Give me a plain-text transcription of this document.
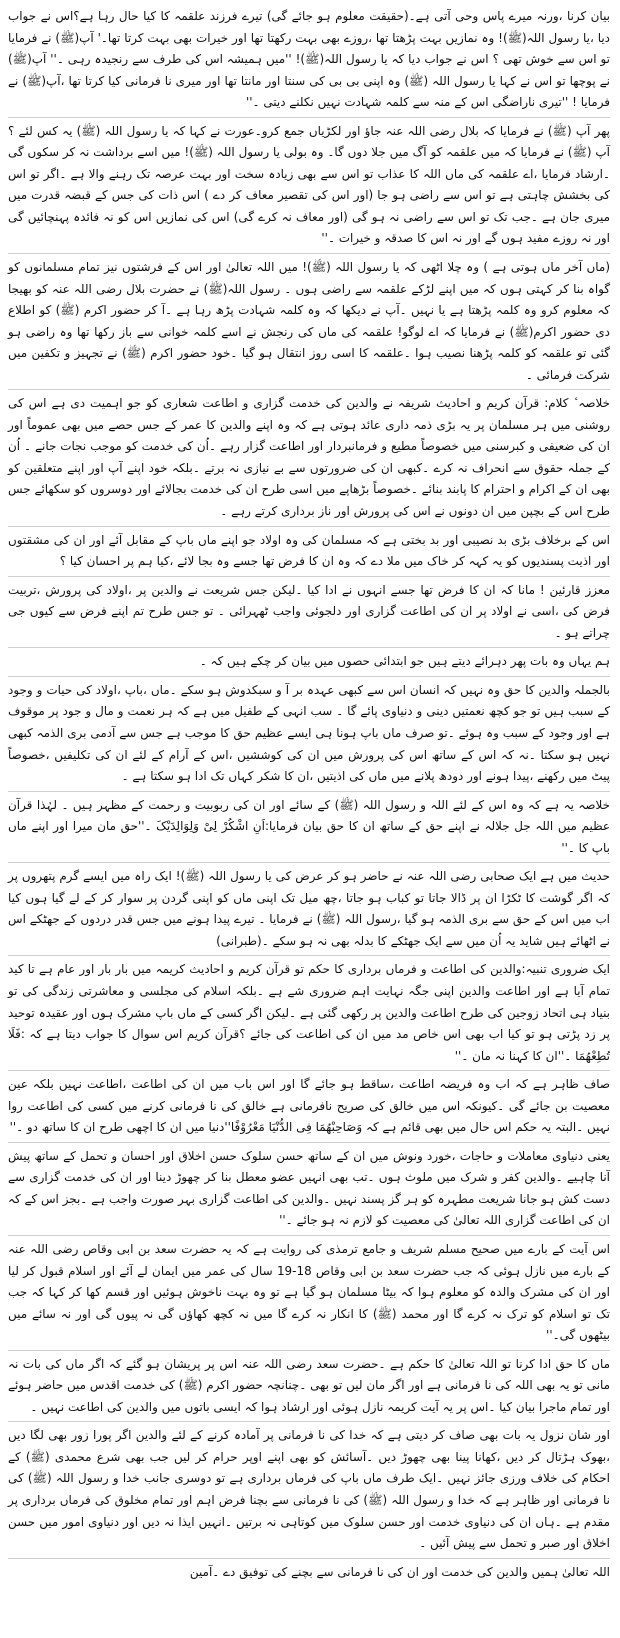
بیان کرنا ،ورنہ میرے پاس وحی آتی ہے۔(حقیقت معلوم ہو جائے گی) تیرے فرزند علقمہ کا کیا حال رہا ہے؟اس نے جواب دیا ،یا رسول اللہ(ﷺ)! وہ نمازیں بہت پڑھتا تھا ،روزے بھی بہت رکھتا تھا اور خیرات بھی بہت کرتا تھا۔' آپ(ﷺ) نے فرمایا تو اس سے خوش تھی ؟ اس نے جواب دیا کہ یا رسول اللہ(ﷺ)! ''میں ہمیشہ اس کی طرف سے رنجیدہ رہی ۔'' آپ(ﷺ) نے پوچھا تو اس نے کہا یا رسول اللہ (ﷺ) وہ اپنی بی بی کی سنتا اور مانتا تھا اور میری نا فرمانی کیا کرتا تھا ،آپ(ﷺ) نے فرمایا ! ''تیری ناراضگی اس کے منہ سے کلمہ شہادت نہیں نکلنے دیتی ۔''

پھر آپ (ﷺ) نے فرمایا کہ بلال رضی اللہ عنہ جاؤ اور لکڑیاں جمع کرو۔عورت نے کہا کہ یا رسول اللہ (ﷺ) یہ کس لئے ؟آپ (ﷺ) نے فرمایا کہ میں علقمہ کو آگ میں جلا دوں گا۔ وہ بولی یا رسول اللہ (ﷺ)! میں اسے برداشت نہ کر سکوں گی ۔ارشاد فرمایا ،اے علقمہ کی ماں اللہ کا عذاب تو اس سے بھی زیادہ سخت اور بہت عرصہ تک رہنے والا ہے ۔اگر تو اس کی بخشش چاہتی ہے تو اس سے راضی ہو جا (اور اس کی تقصیر معاف کر دے ) اس ذات کی جس کے قبضہ قدرت میں میری جان ہے ۔جب تک تو اس سے راضی نہ ہو گی (اور معاف نہ کرے گی) اس کی نمازیں اس کو نہ فائدہ پہنچائیں گی اور نہ روزے مفید ہوں گے اور نہ اس کا صدقہ و خیرات ۔''

(ماں آخر ماں ہوتی ہے ) وہ چلا اٹھی کہ یا رسول اللہ (ﷺ)! میں اللہ تعالیٰ اور اس کے فرشتوں نیز تمام مسلمانوں کو گواہ بنا کر کہتی ہوں کہ میں اپنے لڑکے علقمہ سے راضی ہوں ۔ رسول اللہ(ﷺ) نے حضرت بلال رضی اللہ عنہ کو بھیجا کہ معلوم کرو وہ کلمہ پڑھتا ہے یا نہیں ۔آپ نے دیکھا کہ وہ کلمہ شہادت پڑھ رہا ہے ۔آ کر حضور اکرم (ﷺ) کو اطلاع دی حضور اکرم(ﷺ) نے فرمایا کہ اے لوگو! علقمہ کی ماں کی رنجش نے اسے کلمہ خوانی سے باز رکھا تھا وہ راضی ہو گئی تو علقمہ کو کلمہ پڑھنا نصیب ہوا ۔علقمہ کا اسی روز انتقال ہو گیا ۔خود حضور اکرم (ﷺ) نے تجہیز و تکفین میں شرکت فرمائی ۔

خلاصہ ٔ کلام: قرآن کریم و احادیث شریفہ نے والدین کی خدمت گزاری و اطاعت شعاری کو جو اہمیت دی ہے اس کی روشنی میں ہر مسلمان پر یہ بڑی ذمہ داری عائد ہوتی ہے کہ وہ اپنے والدین کا عمر کے جس حصے میں بھی عموماً اور ان کی ضعیفی و کبرسنی میں خصوصاً مطیع و فرمانبردار اور اطاعت گزار رہے ۔اُن کی خدمت کو موجب نجات جانے ۔ اُن کے جملہ حقوق سے انحراف نہ کرے ۔کبھی ان کی ضرورتوں سے بے نیازی نہ برتے ۔بلکہ خود اپنے آپ اور اپنے متعلقین کو بھی ان کے اکرام و احترام کا پابند بنائے ۔خصوصاً بڑھاپے میں اسی طرح ان کی خدمت بجالائے اور دوسروں کو سکھائے جس طرح اس کے بچپن میں ان دونوں نے اس کی پرورش اور ناز برداری کرتے رہے ۔

اس کے برخلاف بڑی بد نصیبی اور بد بختی ہے کہ مسلمان کی وہ اولاد جو اپنے ماں باپ کے مقابل آئے اور ان کی مشقتوں اور اذیت پسندیوں کو یہ کہہ کر خاک میں ملا دے کہ وہ ان کا فرض تھا جسے وہ بجا لائے ،کیا ہم پر احسان کیا ؟

معزز قارئین ! مانا کہ ان کا فرض تھا جسے انہوں نے ادا کیا ۔لیکن جس شریعت نے والدین پر ،اولاد کی پرورش ،تربیت فرض کی ،اسی نے اولاد پر ان کی اطاعت گزاری اور دلجوئی واجب ٹھہرائی ۔ تو جس طرح تم اپنے فرض سے کیوں جی چراتے ہو ۔

ہم یہاں وہ بات پھر دہرائے دیتے ہیں جو ابتدائی حصوں میں بیان کر چکے ہیں کہ ۔

بالجملہ والدین کا حق وہ نہیں کہ انسان اس سے کبھی عہدہ بر آ و سبکدوش ہو سکے ۔ماں ،باپ ،اولاد کی حیات و وجود کے سبب ہیں تو جو کچھ نعمتیں دینی و دنیاوی پائے گا ۔ سب انہی کے طفیل میں ہے کہ ہر نعمت و مال و جود پر موقوف ہے اور وجود کے سبب وہ ہوئے ۔تو صرف ماں باپ ہونا ہی ایسے عظیم حق کا موجب ہے جس سے آدمی بری الذمہ کبھی نہیں ہو سکتا ۔نہ کہ اس کے ساتھ اس کی پرورش میں ان کی کوششیں ،اس کے آرام کے لئے ان کی تکلیفیں ،خصوصاً پیٹ میں رکھنے ،پیدا ہونے اور دودھ پلانے میں ماں کی اذیتیں ،ان کا شکر کہاں تک ادا ہو سکتا ہے ۔

خلاصہ یہ ہے کہ وہ اس کے لئے اللہ و رسول اللہ (ﷺ) کے سائے اور ان کی ربوبیت و رحمت کے مظہر ہیں ۔ لہٰذا قرآن عظیم میں اللہ جل جلالہ نے اپنے حق کے ساتھ ان کا حق بیان فرمایا:اَنِ اشْکُرْ لِیْ وَلِوَالِدَیْکَ ۔''حق مان میرا اور اپنے ماں باپ کا ۔''

حدیث میں ہے ایک صحابی رضی اللہ عنہ نے حاضر ہو کر عرض کی یا رسول اللہ (ﷺ)! ایک راہ میں ایسے گرم پتھروں پر کہ اگر گوشت کا ٹکڑا ان پر ڈالا جاتا تو کباب ہو جاتا ،چھ میل تک اپنی ماں کو اپنی گردن پر سوار کر کے لے گیا ہوں کیا اب میں اس کے حق سے بری الذمہ ہو گیا ،رسول اللہ (ﷺ) نے فرمایا ۔ تیرے پیدا ہونے میں جس قدر دردوں کے جھٹکے اس نے اٹھائے ہیں شاید یہ اُن میں سے ایک جھٹکے کا بدلہ بھی نہ ہو سکے ۔(طبرانی)

ایک ضروری تنبیہ:والدین کی اطاعت و فرماں برداری کا حکم تو قرآن کریم و احادیث کریمہ میں بار بار اور عام ہے تا کید تمام آیا ہے اور اطاعت والدین اپنی جگہ نہایت اہم ضروری شے ہے ۔بلکہ اسلام کی مجلسی و معاشرتی زندگی کی تو بنیاد ہی اتحاد زوجین کی طرح اطاعت والدین پر رکھی گئی ہے ۔لیکن اگر کسی کے ماں باپ مشرک ہوں اور عقیدہ توحید پر زد پڑتی ہو تو کیا اب بھی اس خاص مد میں ان کی اطاعت کی جائے ؟قرآن کریم اس سوال کا جواب دیتا ہے کہ :فَلَا تُطِعْھُمَا ۔''ان کا کہنا نہ مان ۔''

صاف ظاہر ہے کہ اب وہ فریضہ اطاعت ،ساقط ہو جائے گا اور اس باب میں ان کی اطاعت ،اطاعت نہیں بلکہ عین معصیت بن جائے گی ۔کیونکہ اس میں خالق کی صریح نافرمانی ہے خالق کی نا فرمانی کرنے میں کسی کی اطاعت روا نہیں ۔البتہ یہ حکم اس حال میں بھی قائم ہے کہ وَصَاحِبْھُمَا فِی الدُّنْیَا مَعْرُوْفًا''دنیا میں ان کا اچھی طرح ان کا ساتھ دو ۔''

یعنی دنیاوی معاملات و حاجات ،خورد ونوش میں ان کے ساتھ حسن سلوک حسن اخلاق اور احسان و تحمل کے ساتھ پیش آنا چاہیے ۔والدین کفر و شرک میں ملوث ہوں ۔تب بھی انہیں عضو معطل بنا کر چھوڑ دینا اور ان کی خدمت گزاری سے دست کش ہو جانا شریعت مطہرہ کو ہر گز پسند نہیں ۔والدین کی اطاعت گزاری بہر صورت واجب ہے ۔بجز اس کے کہ ان کی اطاعت گزاری اللہ تعالیٰ کی معصیت کو لازم نہ ہو جائے ۔''

اس آیت کے بارے میں صحیح مسلم شریف و جامع ترمذی کی روایت ہے کہ یہ حضرت سعد بن ابی وقاص رضی اللہ عنہ کے بارے میں نازل ہوئی کہ جب حضرت سعد بن ابی وقاص 18-19 سال کی عمر میں ایمان لے آئے اور اسلام قبول کر لیا اور ان کی مشرک والدہ کو معلوم ہوا کہ بیٹا مسلمان ہو گیا ہے تو وہ بہت ناخوش ہوئیں اور قسم کھا کر کہا کہ جب تک تو اسلام کو ترک نہ کرے گا اور محمد (ﷺ) کا انکار نہ کرے گا میں نہ کچھ کھاؤں گی نہ پیوں گی اور نہ سائے میں بیٹھوں گی۔''

ماں کا حق ادا کرنا تو اللہ تعالیٰ کا حکم ہے ۔حضرت سعد رضی اللہ عنہ اس پر پریشان ہو گئے کہ اگر ماں کی بات نہ مانی تو یہ بھی اللہ کی نا فرمانی ہے اور اگر مان لیں تو بھی ۔چنانچہ حضور اکرم (ﷺ) کی خدمت اقدس میں حاضر ہوئے اور تمام ماجرا بیان کیا ۔اس پر یہ آیت کریمہ نازل ہوئی اور ارشاد ہوا کہ ایسی باتوں میں والدین کی اطاعت نہیں ۔

اور شان نزول یہ بات بھی صاف کر دیتی ہے کہ خدا کی نا فرمانی پر آمادہ کرنے کے لئے والدین اگر پورا زور بھی لگا دیں ،بھوک ہڑتال کر دیں ،کھانا پینا بھی چھوڑ دیں ۔آسائش کو بھی اپنے اوپر حرام کر لیں جب بھی شرع محمدی (ﷺ) کے احکام کی خلاف ورزی جائز نہیں ۔ایک طرف ماں باپ کی فرماں برداری ہے تو دوسری جانب خدا و رسول اللہ (ﷺ) کی نا فرمانی اور ظاہر ہے کہ خدا و رسول اللہ (ﷺ) کی نا فرمانی سے بچنا فرض اہم اور تمام مخلوق کی فرماں برداری پر مقدم ہے ۔ہاں ان کی دنیاوی خدمت اور حسن سلوک میں کوتاہی نہ برتیں ۔انہیں ایذا نہ دیں اور دنیاوی امور میں حسن اخلاق اور صبر و تحمل سے پیش آئیں ۔

اللہ تعالیٰ ہمیں والدین کی خدمت اور ان کی نا فرمانی سے بچنے کی توفیق دے ۔آمین
